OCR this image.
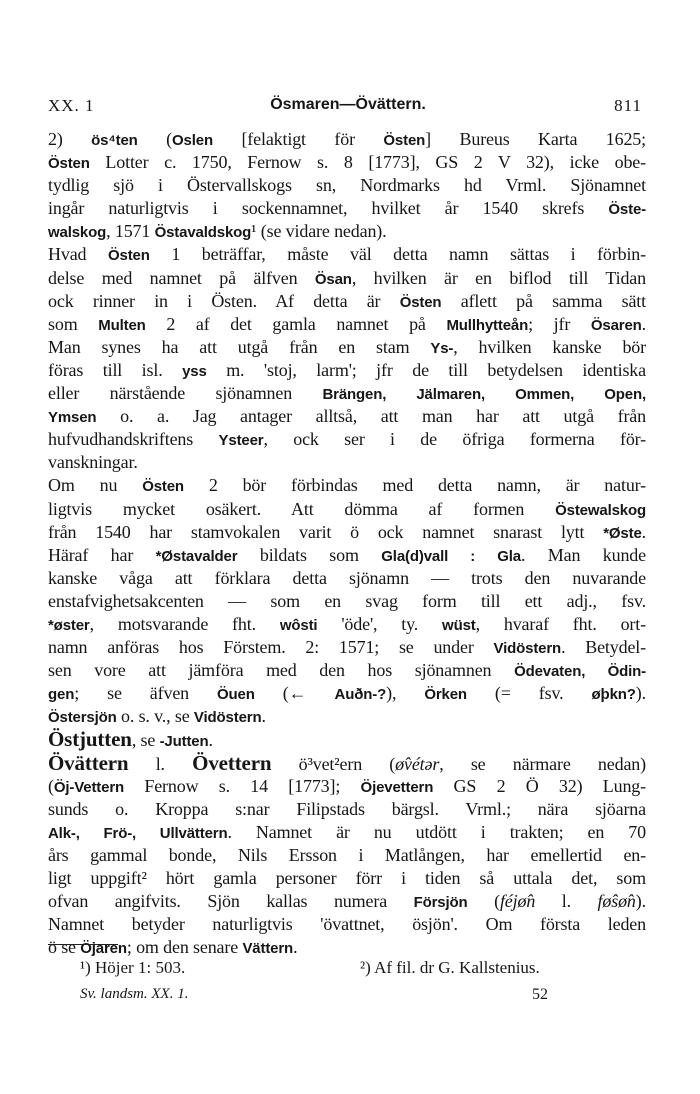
XX. 1	Ösmaren—Övättern.	811
2) ös⁴ten (Oslen [felaktigt för Östen] Bureus Karta 1625;
Östen Lotter c. 1750, Fernow s. 8 [1773], GS 2 V 32), icke obe-
tydlig sjö i Östervallskogs sn, Nordmarks hd Vrml. Sjönamnet
ingår naturligtvis i sockennamnet, hvilket år 1540 skrefs Öste-
walskog, 1571 Östavaldskog¹ (se vidare nedan).
Hvad Östen 1 beträffar, måste väl detta namn sättas i förbin-
delse med namnet på älfven Ösan, hvilken är en biflod till Tidan
ock rinner in i Östen. Af detta är Östen aflett på samma sätt
som Multen 2 af det gamla namnet på Mullhytteån; jfr Ösaren.
Man synes ha att utgå från en stam Ys-, hvilken kanske bör
föras till isl. yss m. 'stoj, larm'; jfr de till betydelsen identiska
eller närstående sjönamnen Brängen, Jälmaren, Ommen, Open,
Ymsen o. a. Jag antager alltså, att man har att utgå från
hufvudhandskriftens Ysteer, ock ser i de öfriga formerna för-
vanskningar.
Om nu Östen 2 bör förbindas med detta namn, är natur-
ligtvis mycket osäkert. Att dömma af formen Östewalskog
från 1540 har stamvokalen varit ö ock namnet snarast lytt *Øste.
Häraf har *Østavalder bildats som Gla(d)vall : Gla. Man kunde
kanske våga att förklara detta sjönamn — trots den nuvarande
enstafvighetsakcenten — som en svag form till ett adj., fsv.
*øster, motsvarande fht. wôsti 'öde', ty. wüst, hvaraf fht. ort-
namn anföras hos Förstem. 2: 1571; se under Vidöstern. Betydel-
sen vore att jämföra med den hos sjönamnen Ödevaten, Ödin-
gen; se äfven Öuen (← Auðn-?), Örken (= fsv. øþkn?).
Östersjön o. s. v., se Vidöstern.
Östjutten, se -Jutten.
Övättern l. Övettern ö³vet²ern (ø̂vétər, se närmare nedan)
(Öj-Vettern Fernow s. 14 [1773]; Öjevettern GS 2 Ö 32) Lung-
sunds o. Kroppa s:nar Filipstads bärgsl. Vrml.; nära sjöarna
Alk-, Frö-, Ullvättern. Namnet är nu utdött i trakten; en 70
års gammal bonde, Nils Ersson i Matlången, har emellertid en-
ligt uppgift² hört gamla personer förr i tiden så uttala det, som
ofvan angifvits. Sjön kallas numera Försjön (féjø̂n l. fø̂sø̂n).
Namnet betyder naturligtvis 'övattnet, ösjön'. Om första leden
ö se Öjaren; om den senare Vättern.
¹) Höjer 1: 503.	²) Af fil. dr G. Kallstenius.
Sv. landsm. XX. 1.	52
